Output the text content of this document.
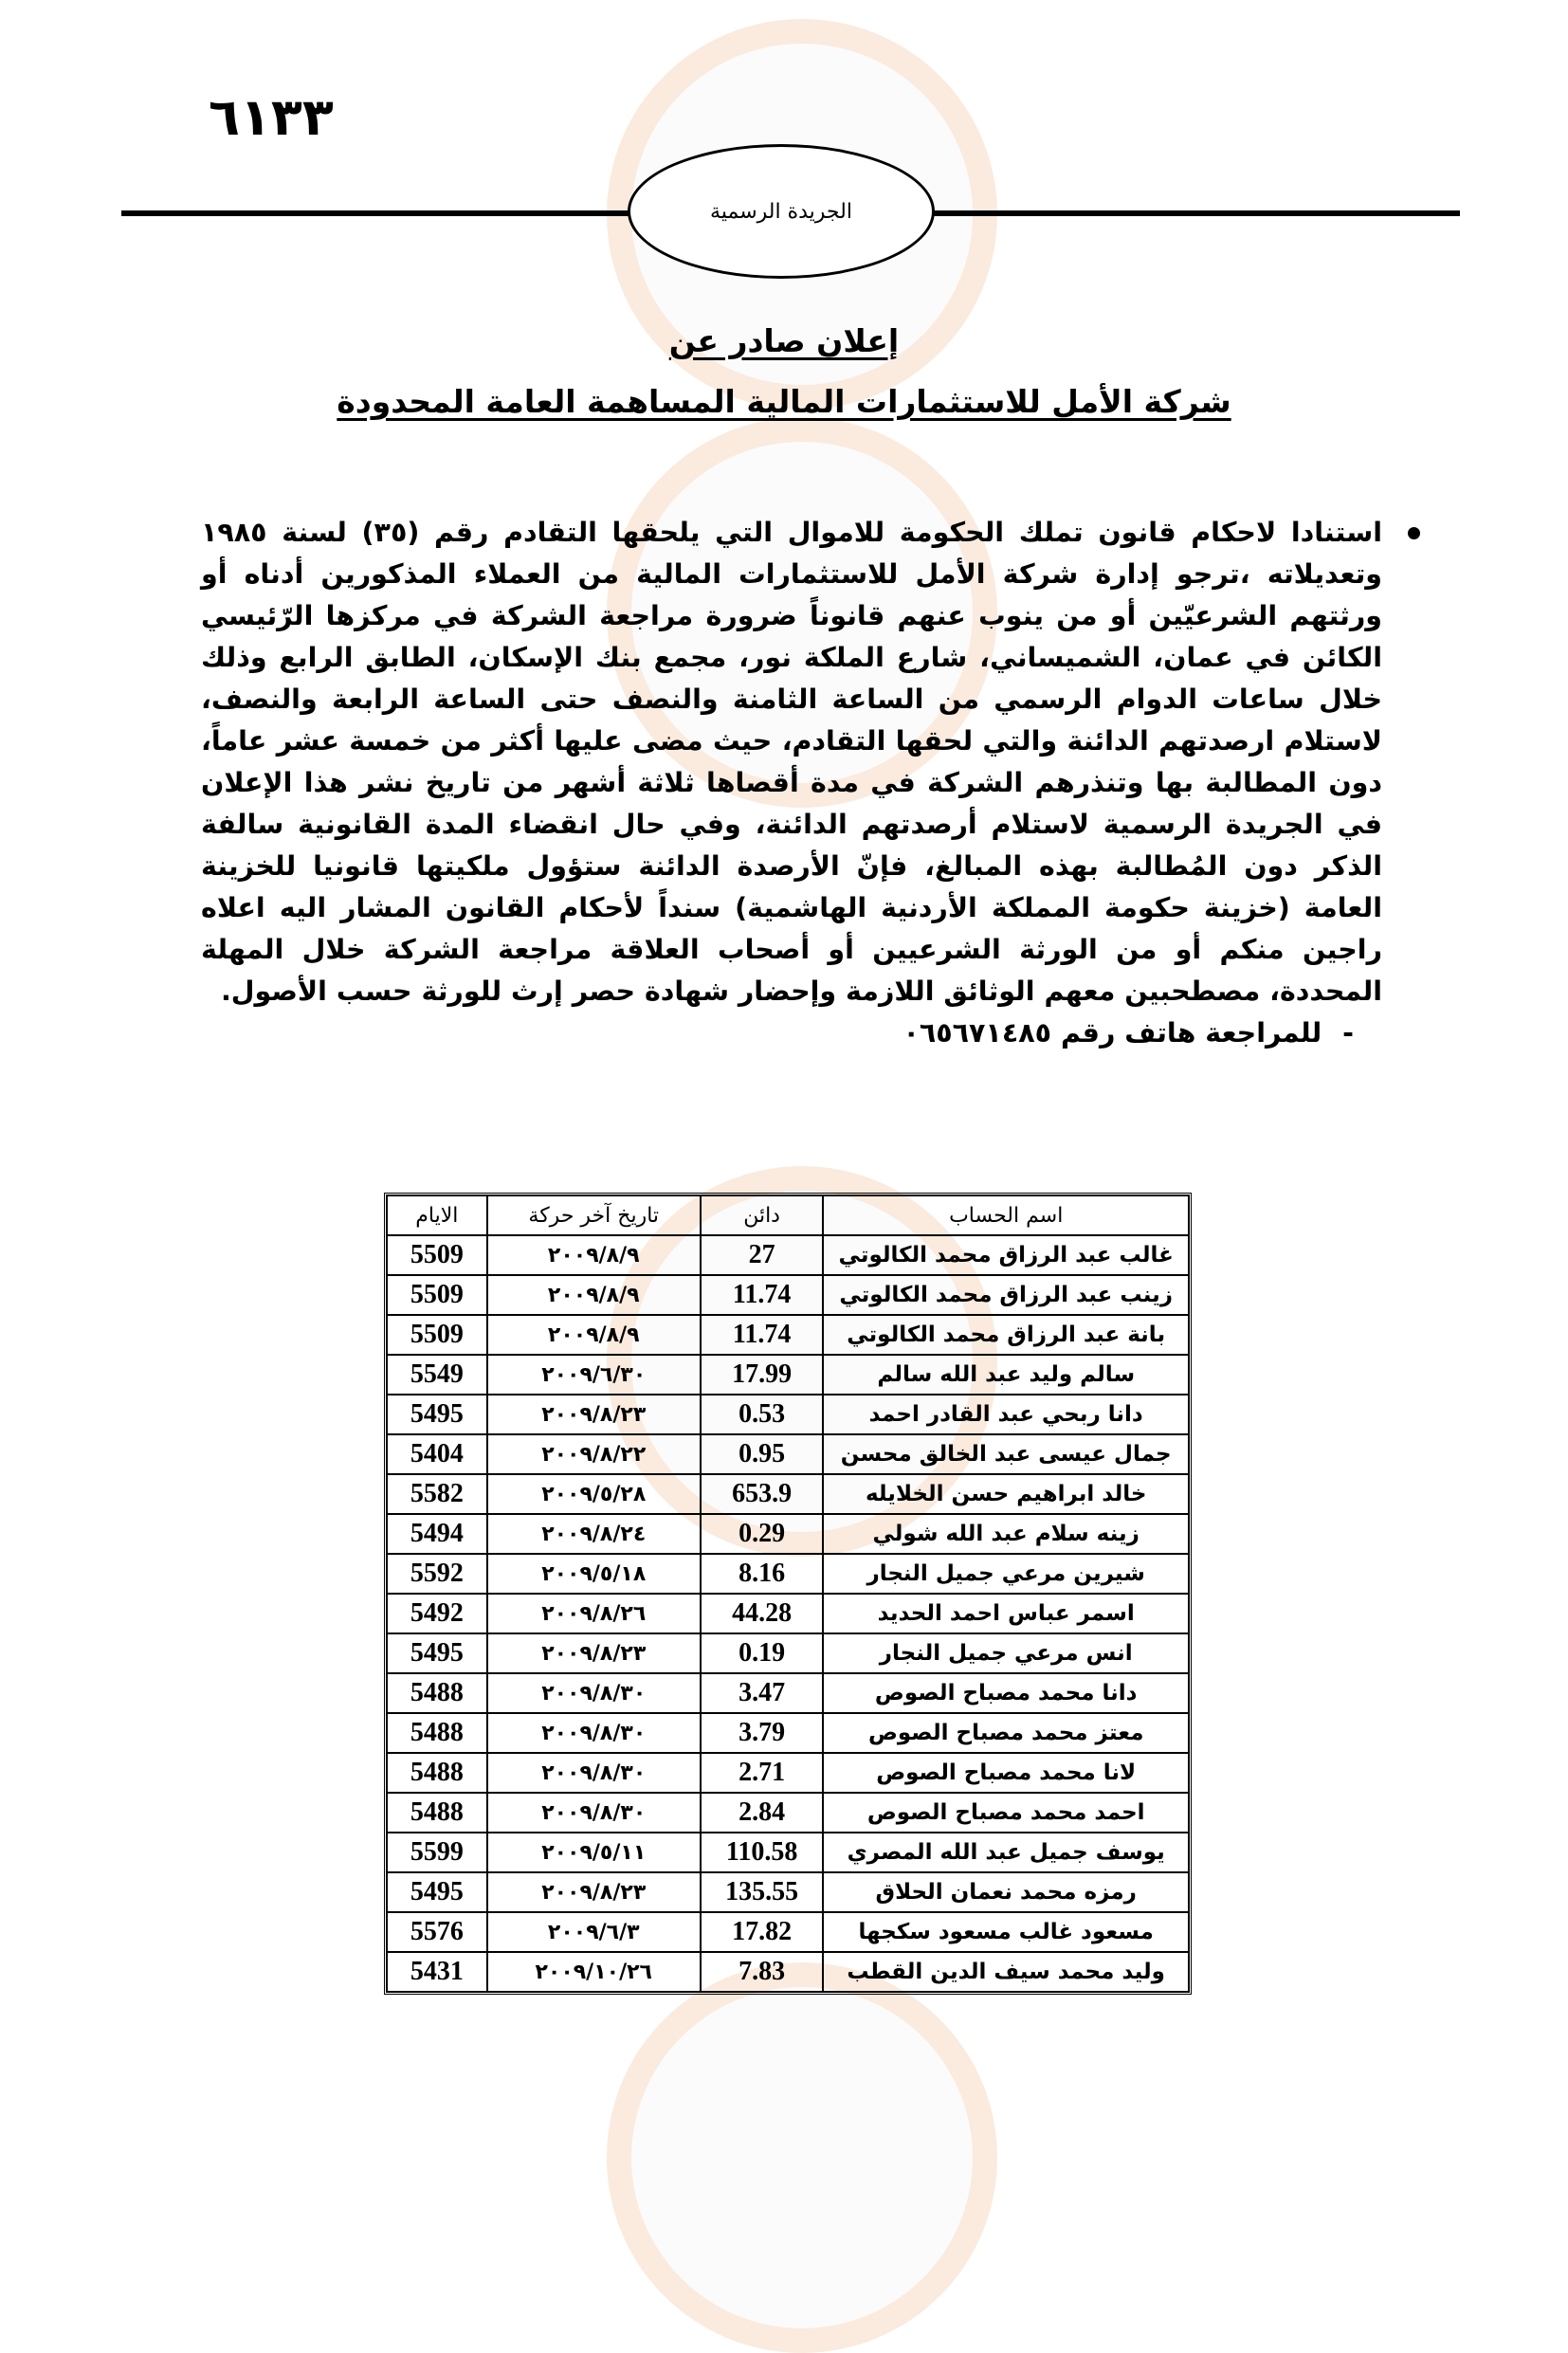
٦١٣٣
الجريدة الرسمية
إعلان صادر عن
شركة الأمل للاستثمارات المالية المساهمة العامة المحدودة
استنادا لاحكام قانون تملك الحكومة للاموال التي يلحقها التقادم رقم (٣٥) لسنة ١٩٨٥ وتعديلاته ،ترجو إدارة شركة الأمل للاستثمارات المالية من العملاء المذكورين أدناه أو ورثتهم الشرعيّين أو من ينوب عنهم قانوناً ضرورة مراجعة الشركة في مركزها الرّئيسي الكائن في عمان، الشميساني، شارع الملكة نور، مجمع بنك الإسكان، الطابق الرابع وذلك خلال ساعات الدوام الرسمي من الساعة الثامنة والنصف حتى الساعة الرابعة والنصف، لاستلام ارصدتهم الدائنة والتي لحقها التقادم، حيث مضى عليها أكثر من خمسة عشر عاماً، دون المطالبة بها وتنذرهم الشركة في مدة أقصاها ثلاثة أشهر من تاريخ نشر هذا الإعلان في الجريدة الرسمية لاستلام أرصدتهم الدائنة، وفي حال انقضاء المدة القانونية سالفة الذكر دون المُطالبة بهذه المبالغ، فإنّ الأرصدة الدائنة ستؤول ملكيتها قانونيا للخزينة العامة (خزينة حكومة المملكة الأردنية الهاشمية) سنداً لأحكام القانون المشار اليه اعلاه راجين منكم أو من الورثة الشرعيين أو أصحاب العلاقة مراجعة الشركة خلال المهلة المحددة، مصطحبين معهم الوثائق اللازمة وإحضار شهادة حصر إرث للورثة حسب الأصول.
-للمراجعة هاتف رقم ٠٦٥٦٧١٤٨٥
اسم الحساب	دائن	تاريخ آخر حركة	الايام
غالب عبد الرزاق محمد الكالوتي	27	٢٠٠٩/٨/٩	5509
زينب عبد الرزاق محمد الكالوتي	11.74	٢٠٠٩/٨/٩	5509
بانة عبد الرزاق محمد الكالوتي	11.74	٢٠٠٩/٨/٩	5509
سالم وليد عبد الله سالم	17.99	٢٠٠٩/٦/٣٠	5549
دانا ربحي عبد القادر احمد	0.53	٢٠٠٩/٨/٢٣	5495
جمال عيسى عبد الخالق محسن	0.95	٢٠٠٩/٨/٢٢	5404
خالد ابراهيم حسن الخلايله	653.9	٢٠٠٩/٥/٢٨	5582
زينه سلام عبد الله شولي	0.29	٢٠٠٩/٨/٢٤	5494
شيرين مرعي جميل النجار	8.16	٢٠٠٩/٥/١٨	5592
اسمر عباس احمد الحديد	44.28	٢٠٠٩/٨/٢٦	5492
انس مرعي جميل النجار	0.19	٢٠٠٩/٨/٢٣	5495
دانا محمد مصباح الصوص	3.47	٢٠٠٩/٨/٣٠	5488
معتز محمد مصباح الصوص	3.79	٢٠٠٩/٨/٣٠	5488
لانا محمد مصباح الصوص	2.71	٢٠٠٩/٨/٣٠	5488
احمد محمد مصباح الصوص	2.84	٢٠٠٩/٨/٣٠	5488
يوسف جميل عبد الله المصري	110.58	٢٠٠٩/٥/١١	5599
رمزه محمد نعمان الحلاق	135.55	٢٠٠٩/٨/٢٣	5495
مسعود غالب مسعود سكجها	17.82	٢٠٠٩/٦/٣	5576
وليد محمد سيف الدين القطب	7.83	٢٠٠٩/١٠/٢٦	5431
